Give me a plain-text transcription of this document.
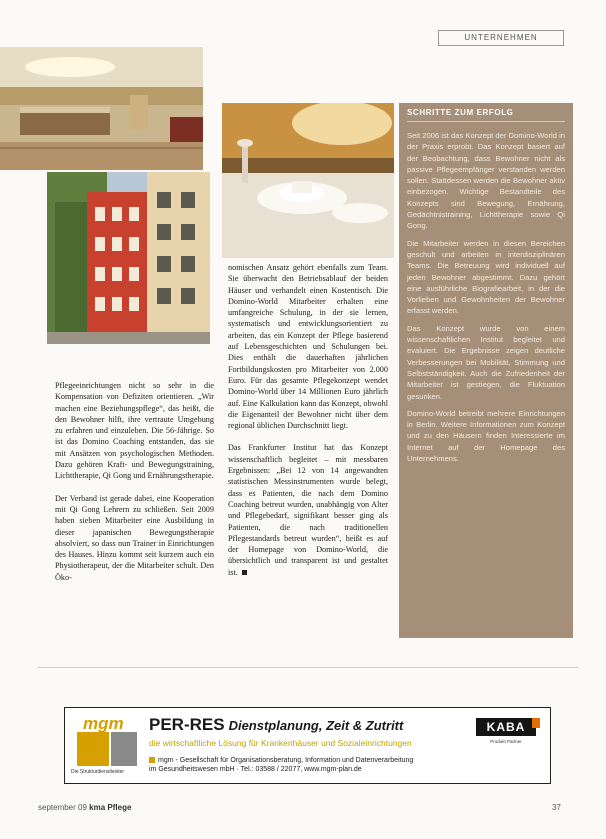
UNTERNEHMEN

Pflegeeinrichtungen nicht so sehr in die Kompensation von Defiziten orientieren. „Wir machen eine Beziehungspflege“, das heißt, die den Bewohner hilft, ihre vertraute Umgebung zu erfahren und einzuleben. Die 56-Jährige. So ist das Domino Coaching entstanden, das sie mit Ansätzen von psychologischen Methoden. Dazu gehören Kraft- und Bewegungstraining, Lichttherapie, Qi Gong und Ernährungstherapie.

Der Verband ist gerade dabei, eine Kooperation mit Qi Gong Lehrern zu schließen. Seit 2009 haben sieben Mitarbeiter eine Ausbildung in dieser japanischen Bewegungstherapie absolviert, so dass nun Trainer in Einrichtungen des Hauses. Hinzu kommt seit kurzem auch ein Physiotherapeut, der die Mitarbeiter schult. Den Öko-

nomischen Ansatz gehört ebenfalls zum Team. Sie überwacht den Betriebsablauf der beiden Häuser und verhandelt einen Kostentisch. Die Domino-World Mitarbeiter erhalten eine umfangreiche Schulung, in der sie lernen, systematisch und entwicklungsorientiert zu arbeiten, das ein Konzept der Pflege basierend auf Lebensgeschichten und Schulungen bei. Dies enthält die dauerhaften jährlichen Fortbildungskosten pro Mitarbeiter von 2.000 Euro. Für das gesamte Pflegekonzept wendet Domino-World über 14 Millionen Euro jährlich auf. Eine Kalkulation kann das Konzept, obwohl die Eigenanteil der Bewohner nicht über dem regional üblichen Durchschnitt liegt.

Das Frankfurter Institut hat das Konzept wissenschaftlich begleitet – mit messbaren Ergebnissen: „Bei 12 von 14 angewandten statistischen Messinstrumenten wurde belegt, dass es Patienten, die nach dem Domino Coaching betreut wurden, unabhängig von Alter und Pflegebedarf, signifikant besser ging als Patienten, die nach traditionellen Pflegestandards betreut wurden“, heißt es auf der Homepage von Domino-World, die übersichtlich und transparent ist und gestaltet ist.

SCHRITTE ZUM ERFOLG

Seit 2006 ist das Konzept der Domino-World in der Praxis erprobt. Das Konzept basiert auf der Beobachtung, dass Bewohner nicht als passive Pflegeempfänger verstanden werden sollen. Stattdessen werden die Bewohner aktiv einbezogen. Wichtige Bestandteile des Konzepts sind Bewegung, Ernährung, Gedächtnistraining, Lichttherapie sowie Qi Gong.

Die Mitarbeiter werden in diesen Bereichen geschult und arbeiten in interdisziplinären Teams. Die Betreuung wird individuell auf jeden Bewohner abgestimmt. Dazu gehört eine ausführliche Biografiearbeit, in der die Vorlieben und Gewohnheiten der Bewohner erfasst werden.

Das Konzept wurde von einem wissenschaftlichen Institut begleitet und evaluiert. Die Ergebnisse zeigen deutliche Verbesserungen bei Mobilität, Stimmung und Selbstständigkeit. Auch die Zufriedenheit der Mitarbeiter ist gestiegen, die Fluktuation gesunken.

Domino-World betreibt mehrere Einrichtungen in Berlin. Weitere Informationen zum Konzept und zu den Häusern finden Interessierte im Internet auf der Homepage des Unternehmens.

mgm
Die Strukturdienstleister
PER-RES Dienstplanung, Zeit & Zutritt
die wirtschaftliche Lösung für Krankenhäuser und Sozialeinrichtungen
mgm - Gesellschaft für Organisationsberatung, Information und Datenverarbeitung
im Gesundheitswesen mbH · Tel.: 03588 / 22077, www.mgm-plan.de
KABA
Produkt Partner
september 09 kma Pflege	37
